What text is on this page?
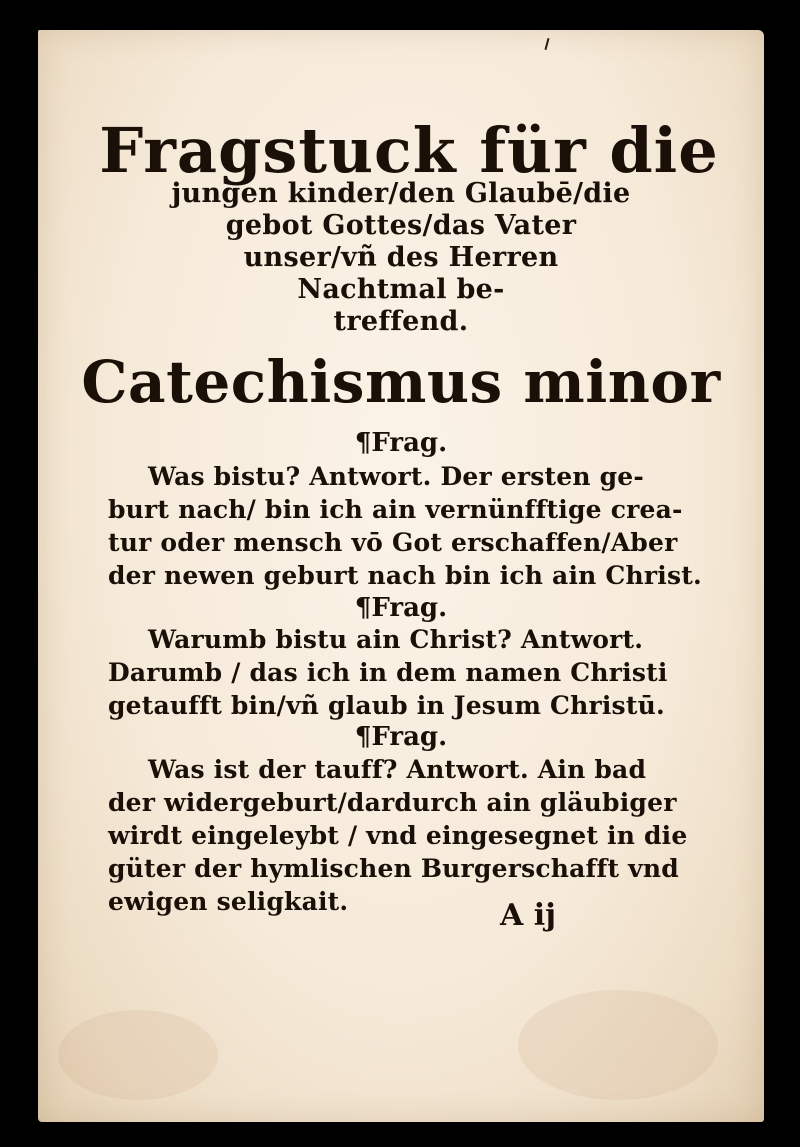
Fragstuck für die

jungen kinder/den Glaubē/die

gebot Gottes/das Vater

unser/vñ des Herren

Nachtmal be-

treffend.

Catechismus minor

¶Frag.

Was bistu? Antwort. Der ersten ge-

burt nach/ bin ich ain vernünfftige crea-

tur oder mensch vō Got erschaffen/Aber

der newen geburt nach bin ich ain Christ.

¶Frag.

Warumb bistu ain Christ? Antwort.

Darumb / das ich in dem namen Christi

getaufft bin/vñ glaub in Jesum Christū.

¶Frag.

Was ist der tauff? Antwort. Ain bad

der widergeburt/dardurch ain gläubiger

wirdt eingeleybt / vnd eingesegnet in die

güter der hymlischen Burgerschafft vnd

ewigen seligkait.	A ij
